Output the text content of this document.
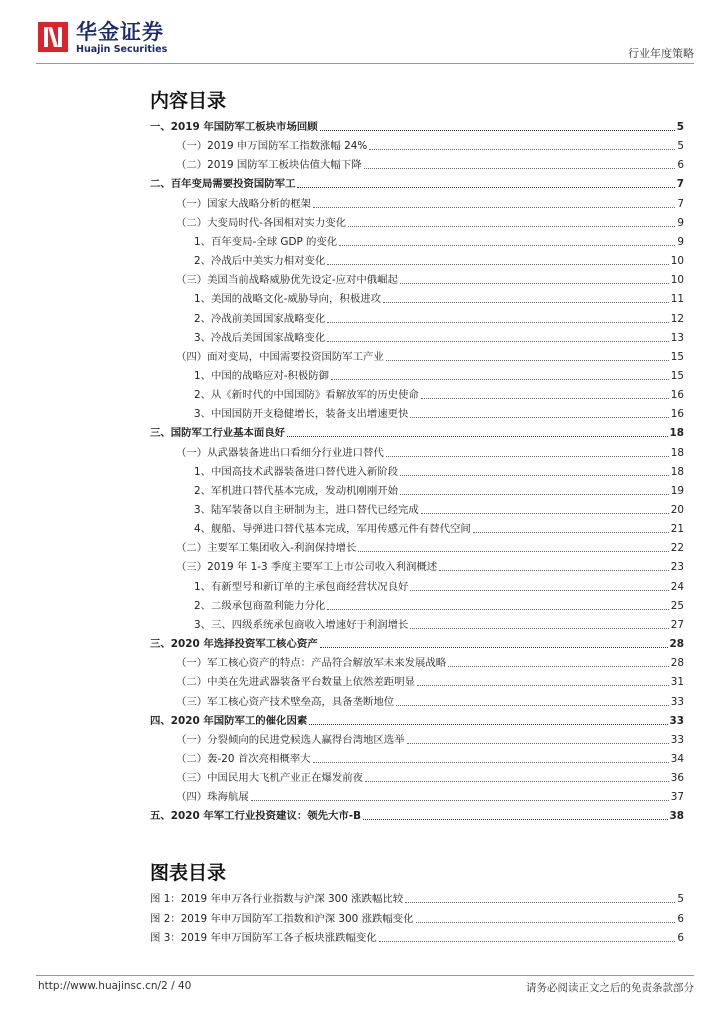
华金证券
Huajin Securities	行业年度策略
内容目录
一、2019 年国防军工板块市场回顾	5
（一）2019 申万国防军工指数涨幅 24%	5
（二）2019 国防军工板块估值大幅下降	6
二、百年变局需要投资国防军工	7
（一）国家大战略分析的框架	7
（二）大变局时代-各国相对实力变化	9
1、百年变局-全球 GDP 的变化	9
2、冷战后中美实力相对变化	10
（三）美国当前战略威胁优先设定-应对中俄崛起	10
1、美国的战略文化-威胁导向，积极进攻	11
2、冷战前美国国家战略变化	12
3、冷战后美国国家战略变化	13
（四）面对变局，中国需要投资国防军工产业	15
1、中国的战略应对-积极防御	15
2、从《新时代的中国国防》看解放军的历史使命	16
3、中国国防开支稳健增长，装备支出增速更快	16
三、国防军工行业基本面良好	18
（一）从武器装备进出口看细分行业进口替代	18
1、中国高技术武器装备进口替代进入新阶段	18
2、军机进口替代基本完成，发动机刚刚开始	19
3、陆军装备以自主研制为主，进口替代已经完成	20
4、舰船、导弹进口替代基本完成，军用传感元件有替代空间	21
（二）主要军工集团收入-利润保持增长	22
（三）2019 年 1-3 季度主要军工上市公司收入利润概述	23
1、有新型号和新订单的主承包商经营状况良好	24
2、二级承包商盈利能力分化	25
3、三、四级系统承包商收入增速好于利润增长	27
三、2020 年选择投资军工核心资产	28
（一）军工核心资产的特点：产品符合解放军未来发展战略	28
（二）中美在先进武器装备平台数量上依然差距明显	31
（三）军工核心资产技术壁垒高，具备垄断地位	33
四、2020 年国防军工的催化因素	33
（一）分裂倾向的民进党候选人赢得台湾地区选举	33
（二）轰-20 首次亮相概率大	34
（三）中国民用大飞机产业正在爆发前夜	36
（四）珠海航展	37
五、2020 年军工行业投资建议：领先大市-B	38
图表目录
图 1：2019 年申万各行业指数与沪深 300 涨跌幅比较	5
图 2：2019 年申万国防军工指数和沪深 300 涨跌幅变化	6
图 3：2019 年申万国防军工各子板块涨跌幅变化	6
http://www.huajinsc.cn/2 / 40	请务必阅读正文之后的免责条款部分
